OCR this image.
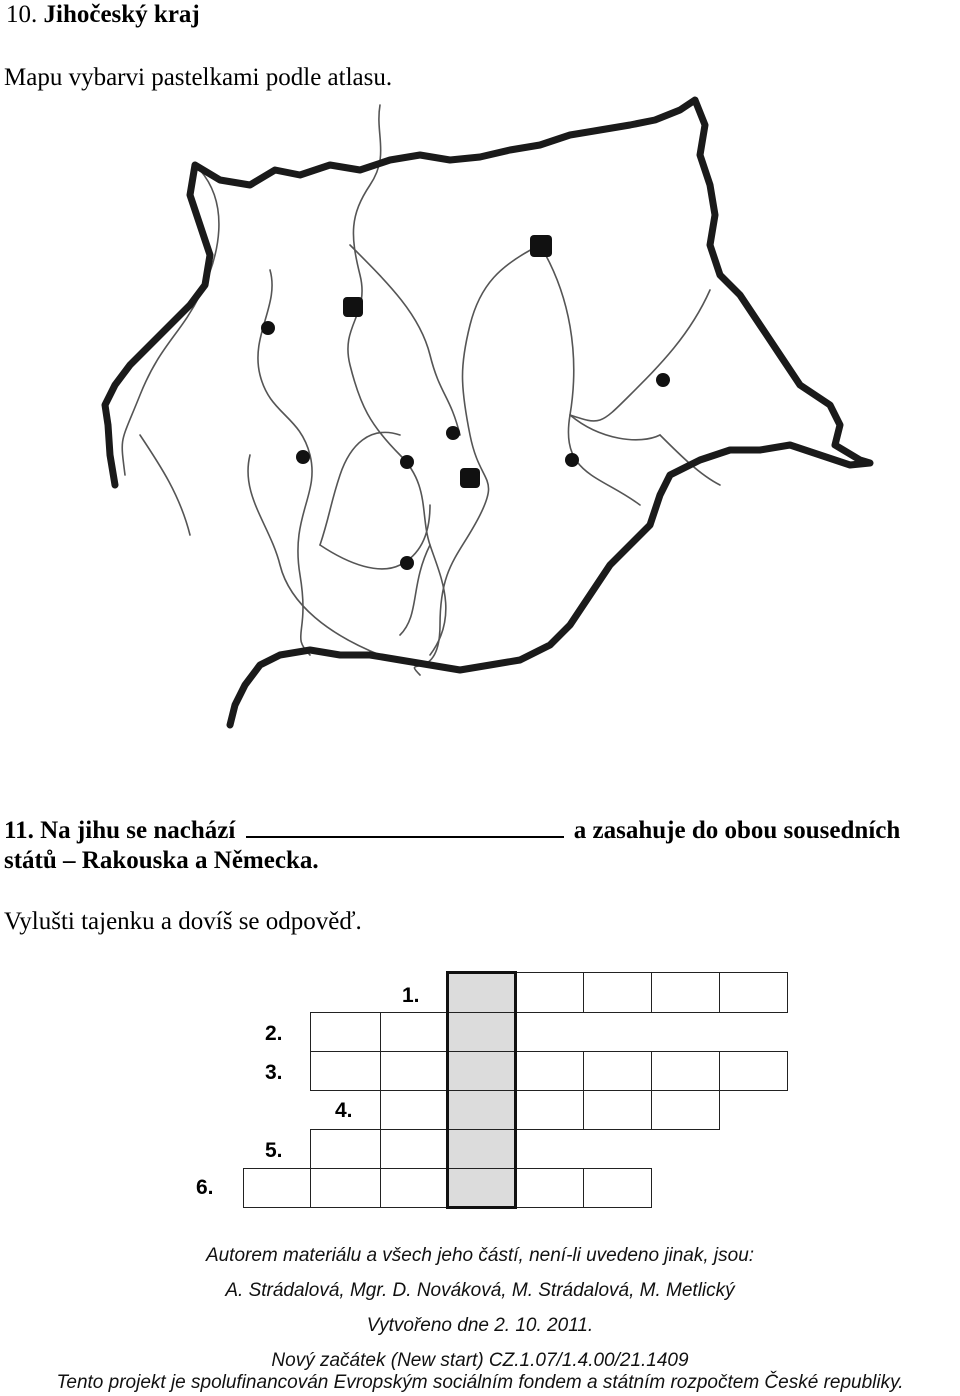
10. Jihočeský kraj
Mapu vybarvi pastelkami podle atlasu.
11. Na jihu se nachází	a zasahuje do obou sousedních
států – Rakouska a Německa.
Vylušti tajenku a dovíš se odpověď.
1.
2.
3.
4.
5.
6.
Autorem materiálu a všech jeho částí, není-li uvedeno jinak, jsou:
A. Strádalová, Mgr. D. Nováková, M. Strádalová, M. Metlický
Vytvořeno dne 2. 10. 2011.
Nový začátek (New start) CZ.1.07/1.4.00/21.1409
Tento projekt je spolufinancován Evropským sociálním fondem a státním rozpočtem České republiky.
